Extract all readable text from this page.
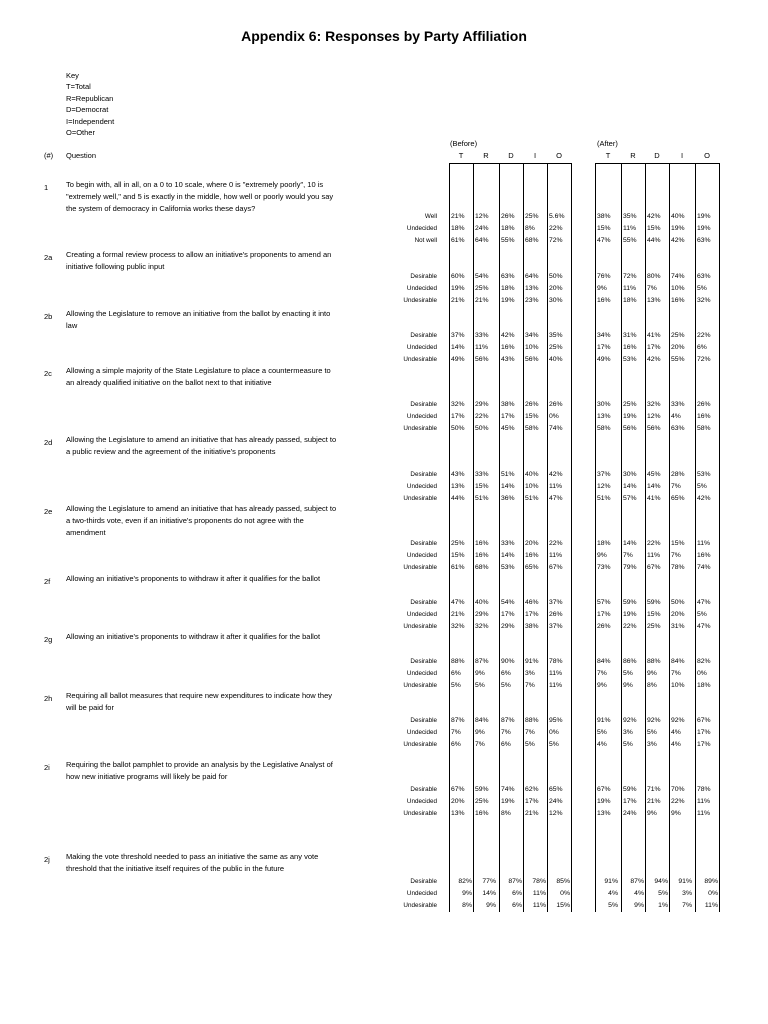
Appendix 6: Responses by Party Affiliation
Key
T=Total
R=Republican
D=Democrat
I=Independent
O=Other
(Before)	(After)
(#) Question	T	R	D	I	O	T	R D	I	O
1 To begin with, all in all, on a 0 to 10 scale, where 0 is "extremely poorly", 10 is "extremely well," and 5 is exactly in the middle, how well or poorly would you say the system of democracy in California works these days?
Well 21% 12% 26% 25% 5.6%	38% 35% 42% 40% 19%
Undecided 18% 24% 18% 8% 22%	15% 11% 15% 19% 19%
Not well 61% 64% 55% 68% 72%	47% 55% 44% 42% 63%
2a Creating a formal review process to allow an initiative's proponents to amend an initiative following public input
Desirable 60% 54% 63% 64% 50%	76% 72% 80% 74% 63%
Undecided 19% 25% 18% 13% 20%	9% 11% 7% 10% 5%
Undesirable 21% 21% 19% 23% 30%	16% 18% 13% 16% 32%
2b Allowing the Legislature to remove an initiative from the ballot by enacting it into law
Desirable 37% 33% 42% 34% 35%	34% 31% 41% 25% 22%
Undecided 14% 11% 16% 10% 25%	17% 16% 17% 20% 6%
Undesirable 49% 56% 43% 56% 40%	49% 53% 42% 55% 72%
2c Allowing a simple majority of the State Legislature to place a countermeasure to an already qualified initiative on the ballot next to that initiative
Desirable 32% 29% 38% 26% 26%	30% 25% 32% 33% 26%
Undecided 17% 22% 17% 15% 0%	13% 19% 12% 4% 16%
Undesirable 50% 50% 45% 58% 74%	58% 56% 56% 63% 58%
2d Allowing the Legislature to amend an initiative that has already passed, subject to a public review and the agreement of the initiative's proponents
Desirable 43% 33% 51% 40% 42%	37% 30% 45% 28% 53%
Undecided 13% 15% 14% 10% 11%	12% 14% 14% 7% 5%
Undesirable 44% 51% 36% 51% 47%	51% 57% 41% 65% 42%
2e Allowing the Legislature to amend an initiative that has already passed, subject to a two-thirds vote, even if an initiative's proponents do not agree with the amendment
Desirable 25% 16% 33% 20% 22%	18% 14% 22% 15% 11%
Undecided 15% 16% 14% 16% 11%	9% 7% 11% 7% 16%
Undesirable 61% 68% 53% 65% 67%	73% 79% 67% 78% 74%
2f Allowing an initiative's proponents to withdraw it after it qualifies for the ballot
Desirable 47% 40% 54% 46% 37%	57% 59% 59% 50% 47%
Undecided 21% 29% 17% 17% 26%	17% 19% 15% 20% 5%
Undesirable 32% 32% 29% 38% 37%	26% 22% 25% 31% 47%
2g Allowing an initiative's proponents to withdraw it after it qualifies for the ballot
Desirable 88% 87% 90% 91% 78%	84% 86% 88% 84% 82%
Undecided 6% 9% 6% 3% 11%	7% 5% 9% 7% 0%
Undesirable 5% 5% 5% 7% 11%	9% 9% 8% 10% 18%
2h Requiring all ballot measures that require new expenditures to indicate how they will be paid for
Desirable 87% 84% 87% 88% 95%	91% 92% 92% 92% 67%
Undecided 7% 9% 7% 7% 0%	5% 3% 5% 4% 17%
Undesirable 6% 7% 6% 5% 5%	4% 5% 3% 4% 17%
2i Requiring the ballot pamphlet to provide an analysis by the Legislative Analyst of how new initiative programs will likely be paid for
Desirable 67% 59% 74% 62% 65%	67% 59% 71% 70% 78%
Undecided 20% 25% 19% 17% 24%	19% 17% 21% 22% 11%
Undesirable 13% 16% 8% 21% 12%	13% 24% 9% 9% 11%
2j Making the vote threshold needed to pass an initiative the same as any vote threshold that the initiative itself requires of the public in the future
Desirable	82%	77%	87%	78%	85%	91%	87%	94%	91%	89%
Undecided	9%	14%	6%	11%	0%	4%	4%	5%	3%	0%
Undesirable	8%	9%	6%	11%	15%	5%	9%	1%	7%	11%
